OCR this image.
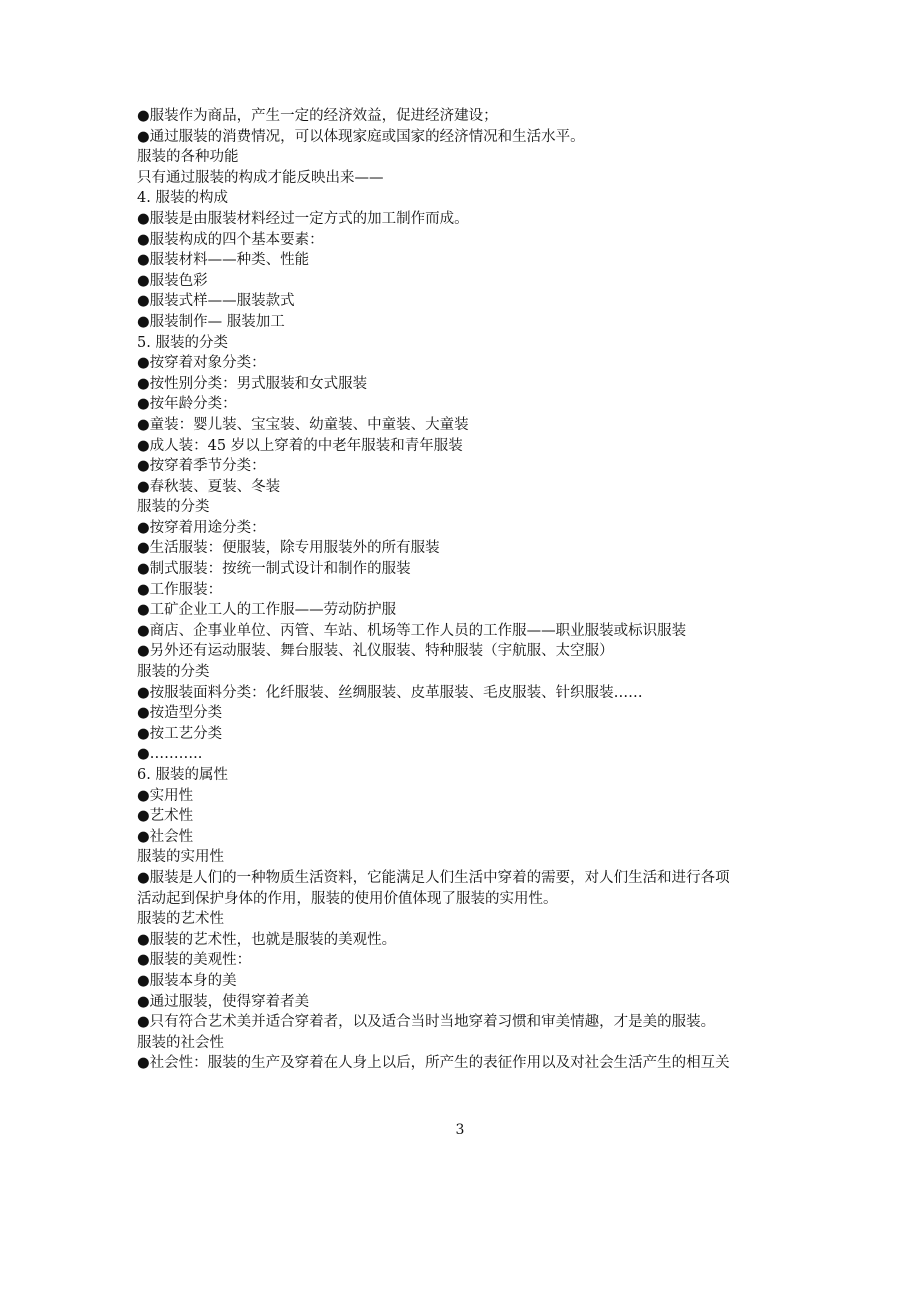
●服装作为商品，产生一定的经济效益，促进经济建设；
●通过服装的消费情况，可以体现家庭或国家的经济情况和生活水平。
服装的各种功能
只有通过服装的构成才能反映出来——
4. 服装的构成
●服装是由服装材料经过一定方式的加工制作而成。
●服装构成的四个基本要素：
●服装材料——种类、性能
●服装色彩
●服装式样——服装款式
●服装制作— 服装加工
5. 服装的分类
●按穿着对象分类：
●按性别分类：男式服装和女式服装
●按年龄分类：
●童装：婴儿装、宝宝装、幼童装、中童装、大童装
●成人装：45 岁以上穿着的中老年服装和青年服装
●按穿着季节分类：
●春秋装、夏装、冬装
服装的分类
●按穿着用途分类：
●生活服装：便服装，除专用服装外的所有服装
●制式服装：按统一制式设计和制作的服装
●工作服装：
●工矿企业工人的工作服——劳动防护服
●商店、企事业单位、丙管、车站、机场等工作人员的工作服——职业服装或标识服装
●另外还有运动服装、舞台服装、礼仪服装、特种服装（宇航服、太空服）
服装的分类
●按服装面料分类：化纤服装、丝绸服装、皮革服装、毛皮服装、针织服装……
●按造型分类
●按工艺分类
●………..
6. 服装的属性
●实用性
●艺术性
●社会性
服装的实用性
●服装是人们的一种物质生活资料，它能满足人们生活中穿着的需要，对人们生活和进行各项
活动起到保护身体的作用，服装的使用价值体现了服装的实用性。
服装的艺术性
●服装的艺术性，也就是服装的美观性。
●服装的美观性：
●服装本身的美
●通过服装，使得穿着者美
●只有符合艺术美并适合穿着者，以及适合当时当地穿着习惯和审美情趣，才是美的服装。
服装的社会性
●社会性：服装的生产及穿着在人身上以后，所产生的表征作用以及对社会生活产生的相互关
3
